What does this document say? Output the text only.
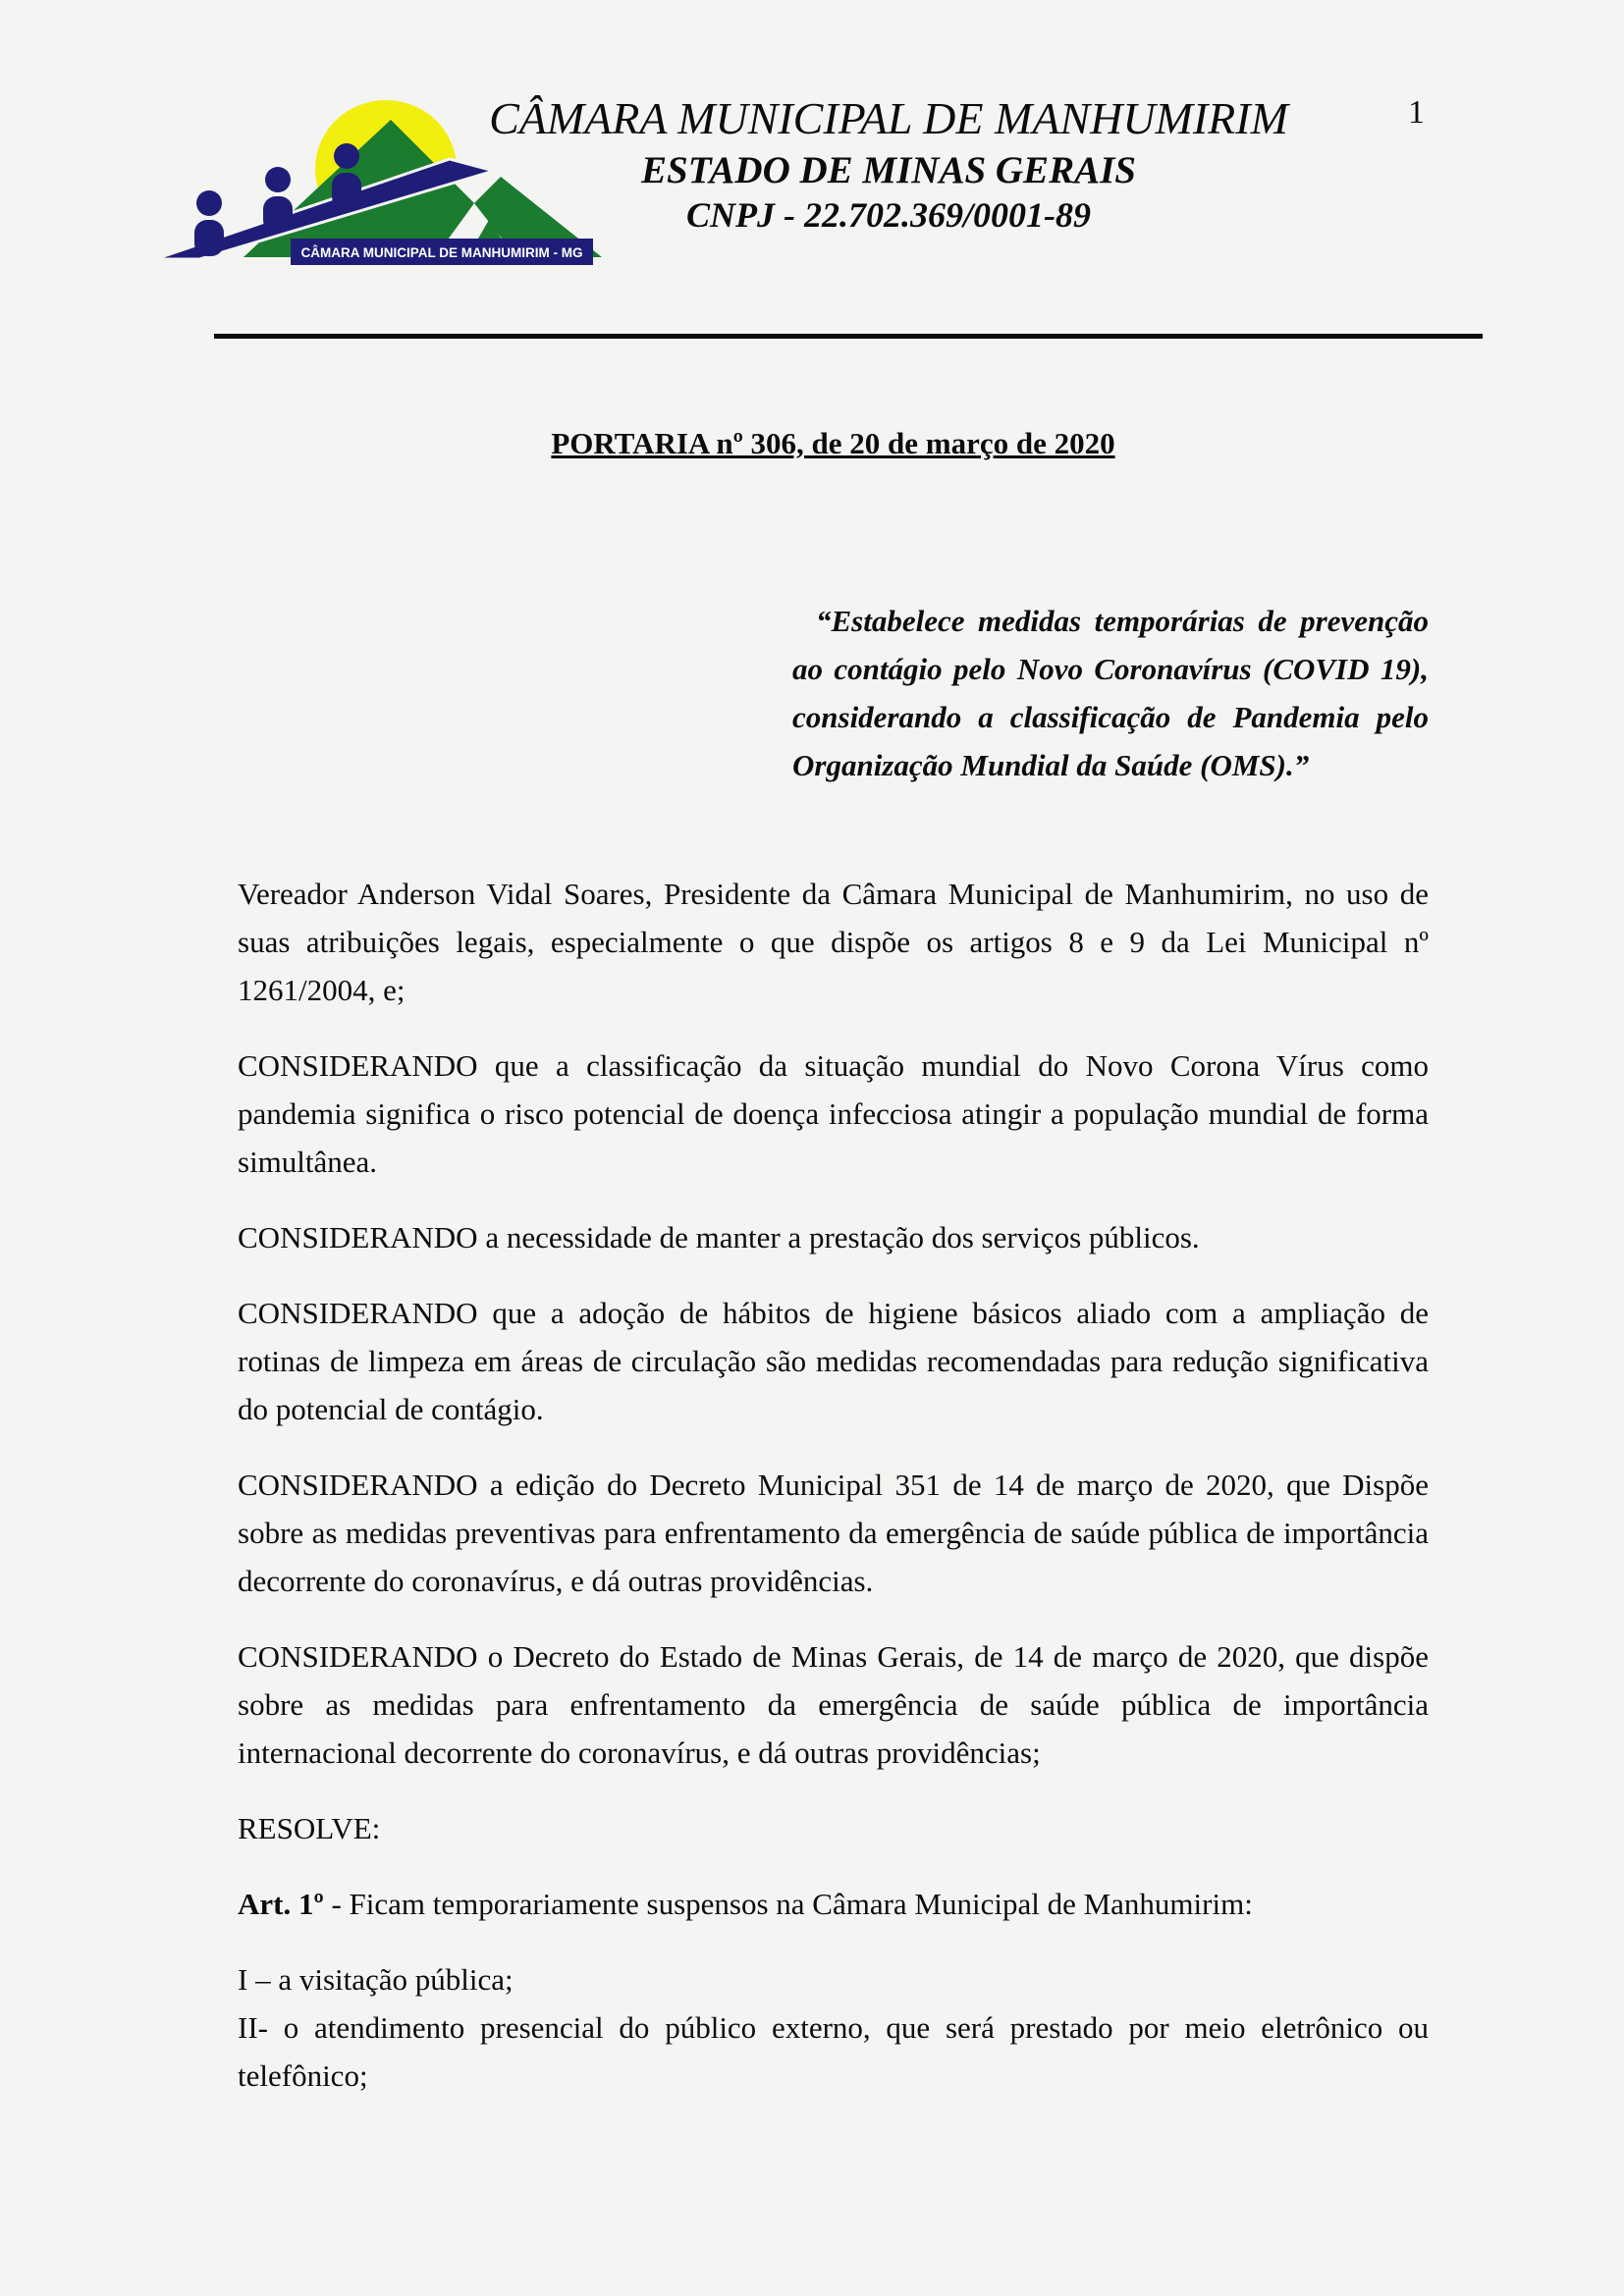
CÂMARA MUNICIPAL DE MANHUMIRIM - MG
CÂMARA MUNICIPAL DE MANHUMIRIM
ESTADO DE MINAS GERAIS
CNPJ - 22.702.369/0001-89
1

PORTARIA nº 306, de 20 de março de 2020

“Estabelece medidas temporárias de prevenção ao contágio pelo Novo Coronavírus (COVID 19), considerando a classificação de Pandemia pelo Organização Mundial da Saúde (OMS).”

Vereador Anderson Vidal Soares, Presidente da Câmara Municipal de Manhumirim, no uso de suas atribuições legais, especialmente o que dispõe os artigos 8 e 9 da Lei Municipal nº 1261/2004, e;

CONSIDERANDO que a classificação da situação mundial do Novo Corona Vírus como pandemia significa o risco potencial de doença infecciosa atingir a população mundial de forma simultânea.

CONSIDERANDO a necessidade de manter a prestação dos serviços públicos.

CONSIDERANDO que a adoção de hábitos de higiene básicos aliado com a ampliação de rotinas de limpeza em áreas de circulação são medidas recomendadas para redução significativa do potencial de contágio.

CONSIDERANDO a edição do Decreto Municipal 351 de 14 de março de 2020, que Dispõe sobre as medidas preventivas para enfrentamento da emergência de saúde pública de importância decorrente do coronavírus, e dá outras providências.

CONSIDERANDO o Decreto do Estado de Minas Gerais, de 14 de março de 2020, que dispõe sobre as medidas para enfrentamento da emergência de saúde pública de importância internacional decorrente do coronavírus, e dá outras providências;

RESOLVE:

Art. 1º - Ficam temporariamente suspensos na Câmara Municipal de Manhumirim:

I – a visitação pública;
II- o atendimento presencial do público externo, que será prestado por meio eletrônico ou telefônico;
